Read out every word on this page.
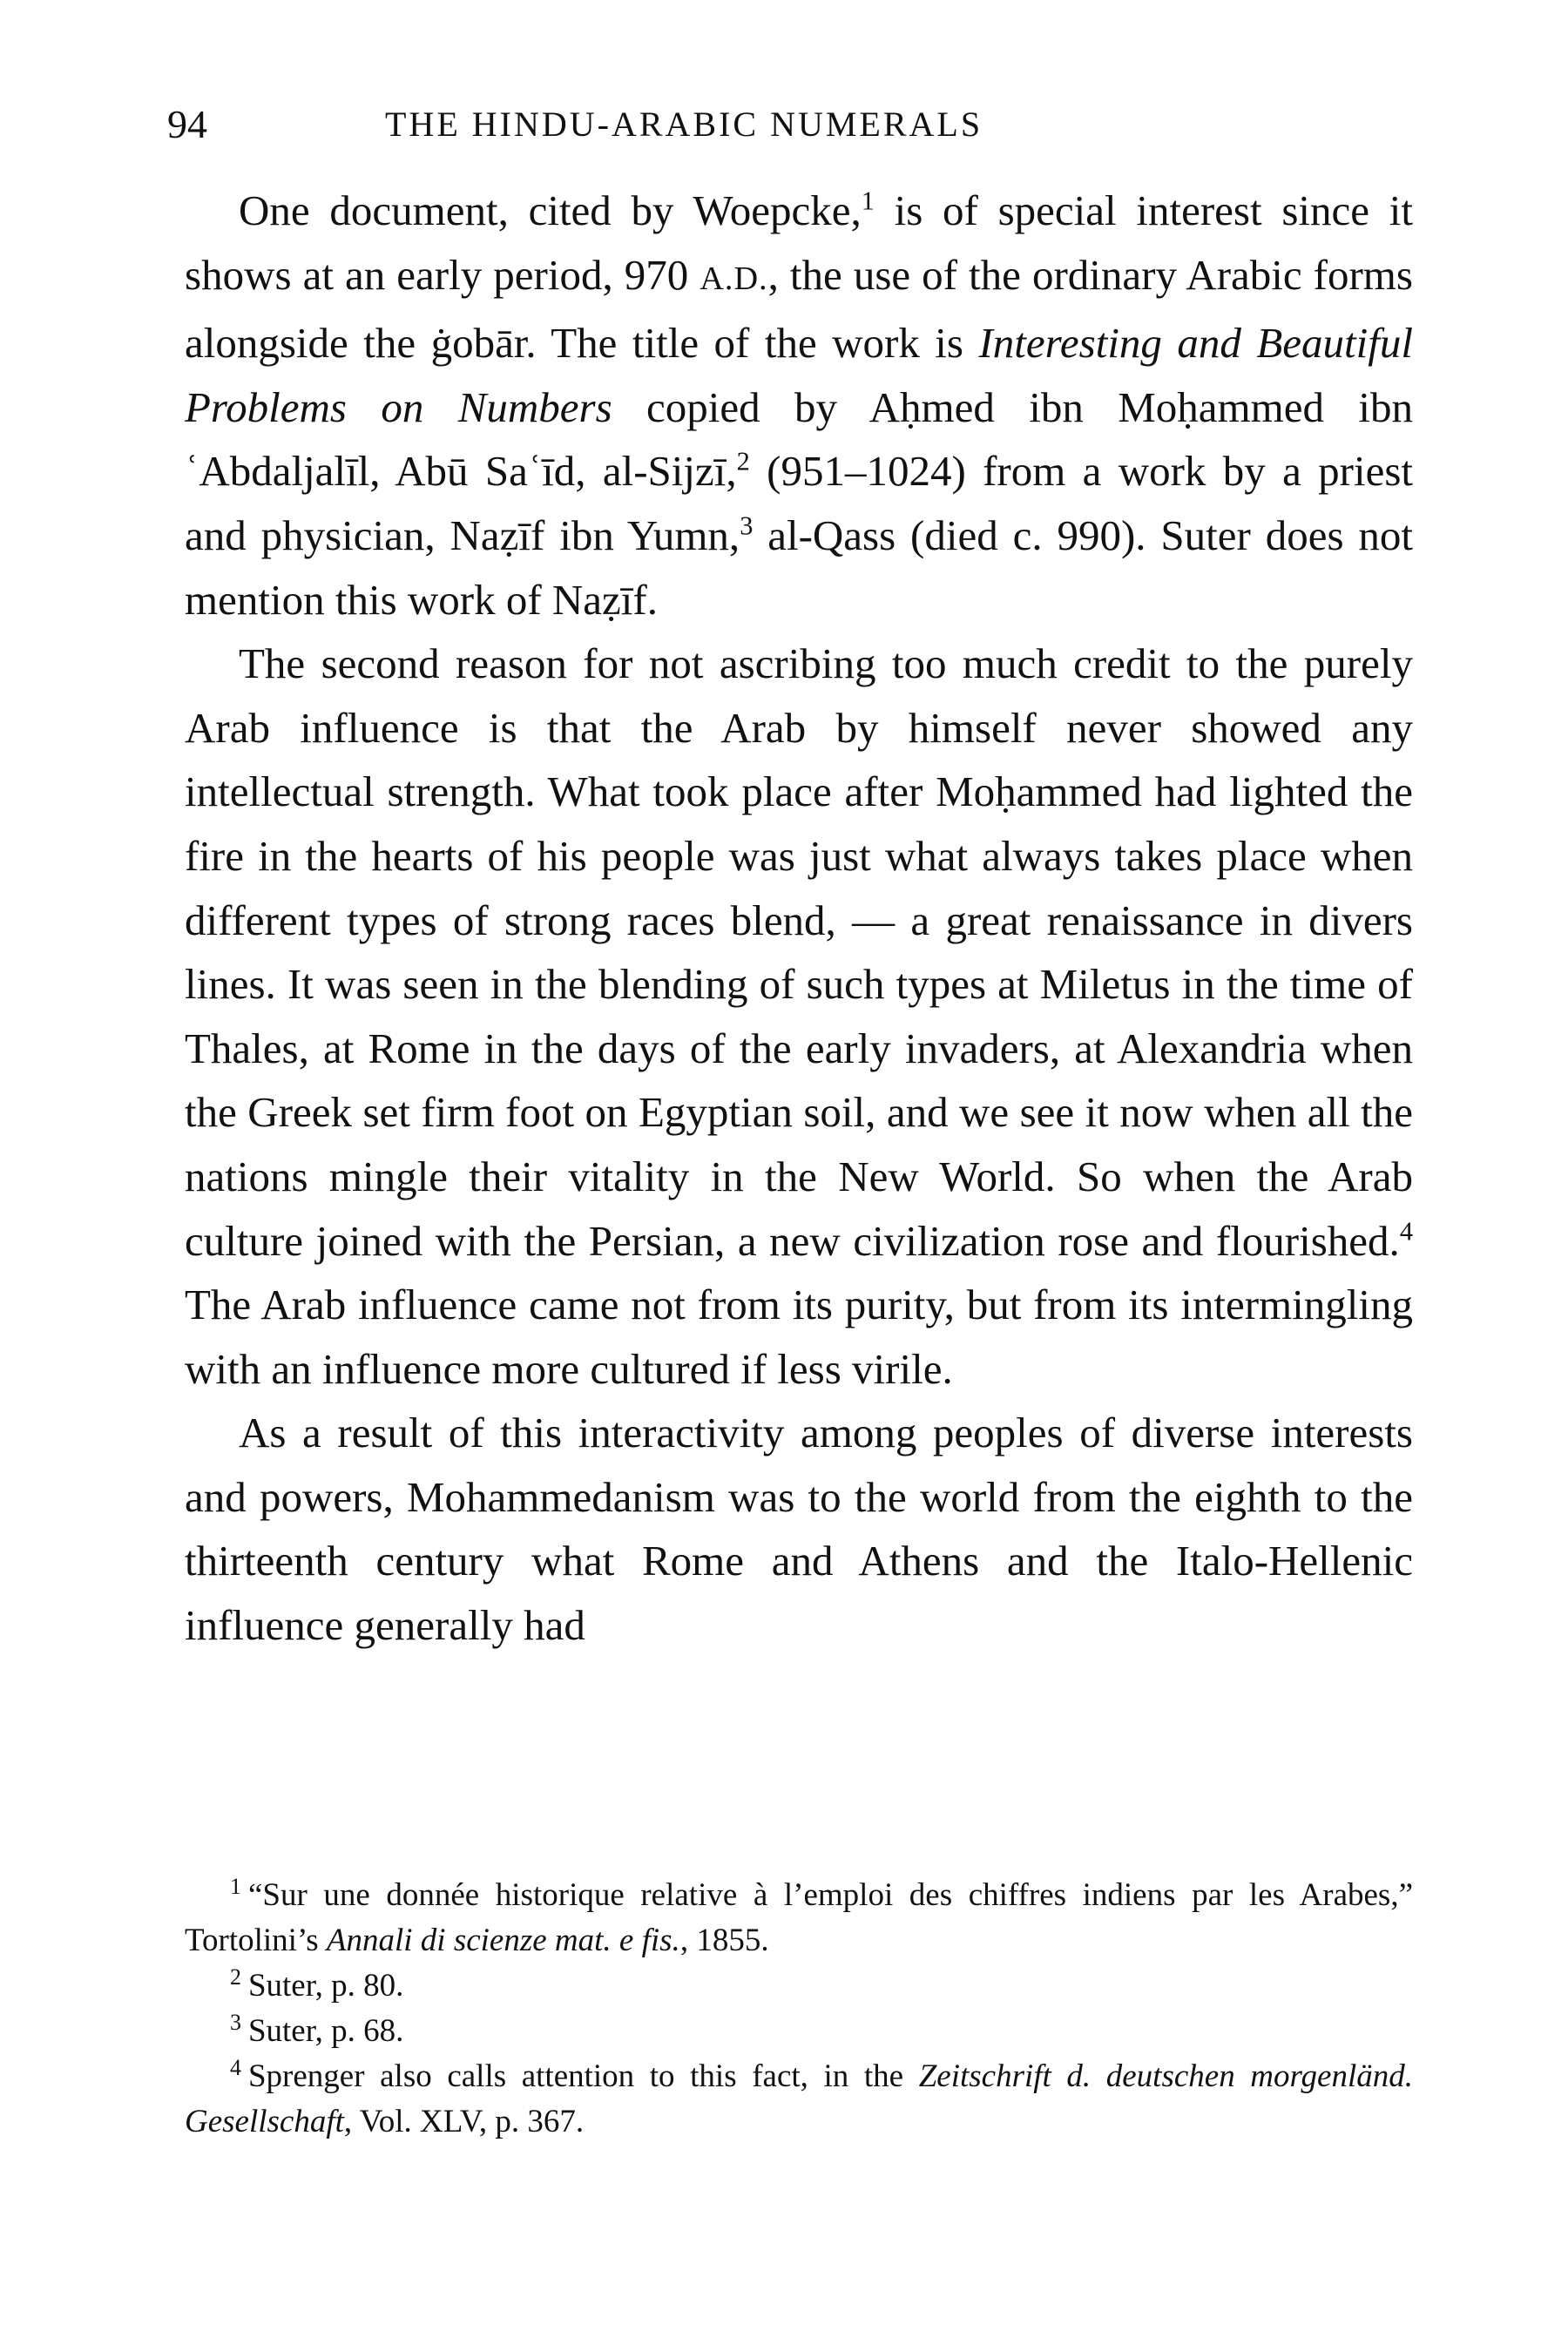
94	THE HINDU-ARABIC NUMERALS

One document, cited by Woepcke,$^1$ is of special interest since it shows at an early period, 970 A.D., the use of the ordinary Arabic forms alongside the ġobār. The title of the work is Interesting and Beautiful Problems on Numbers copied by Aḥmed ibn Moḥammed ibn ʿAbdaljalīl, Abū Saʿīd, al-Sijzī,$^2$ (951–1024) from a work by a priest and physician, Naẓīf ibn Yumn,$^3$ al-Qass (died c. 990). Suter does not mention this work of Naẓīf.

The second reason for not ascribing too much credit to the purely Arab influence is that the Arab by himself never showed any intellectual strength. What took place after Moḥammed had lighted the fire in the hearts of his people was just what always takes place when different types of strong races blend, — a great renaissance in divers lines. It was seen in the blending of such types at Miletus in the time of Thales, at Rome in the days of the early invaders, at Alexandria when the Greek set firm foot on Egyptian soil, and we see it now when all the nations mingle their vitality in the New World. So when the Arab culture joined with the Persian, a new civilization rose and flourished.$^4$ The Arab influence came not from its purity, but from its intermingling with an influence more cultured if less virile.

As a result of this interactivity among peoples of diverse interests and powers, Mohammedanism was to the world from the eighth to the thirteenth century what Rome and Athens and the Italo-Hellenic influence generally had

$^1$ “Sur une donnée historique relative à l’emploi des chiffres indiens par les Arabes,” Tortolini’s Annali di scienze mat. e fis., 1855.

$^2$ Suter, p. 80.

$^3$ Suter, p. 68.

$^4$ Sprenger also calls attention to this fact, in the Zeitschrift d. deutschen morgenländ. Gesellschaft, Vol. XLV, p. 367.
